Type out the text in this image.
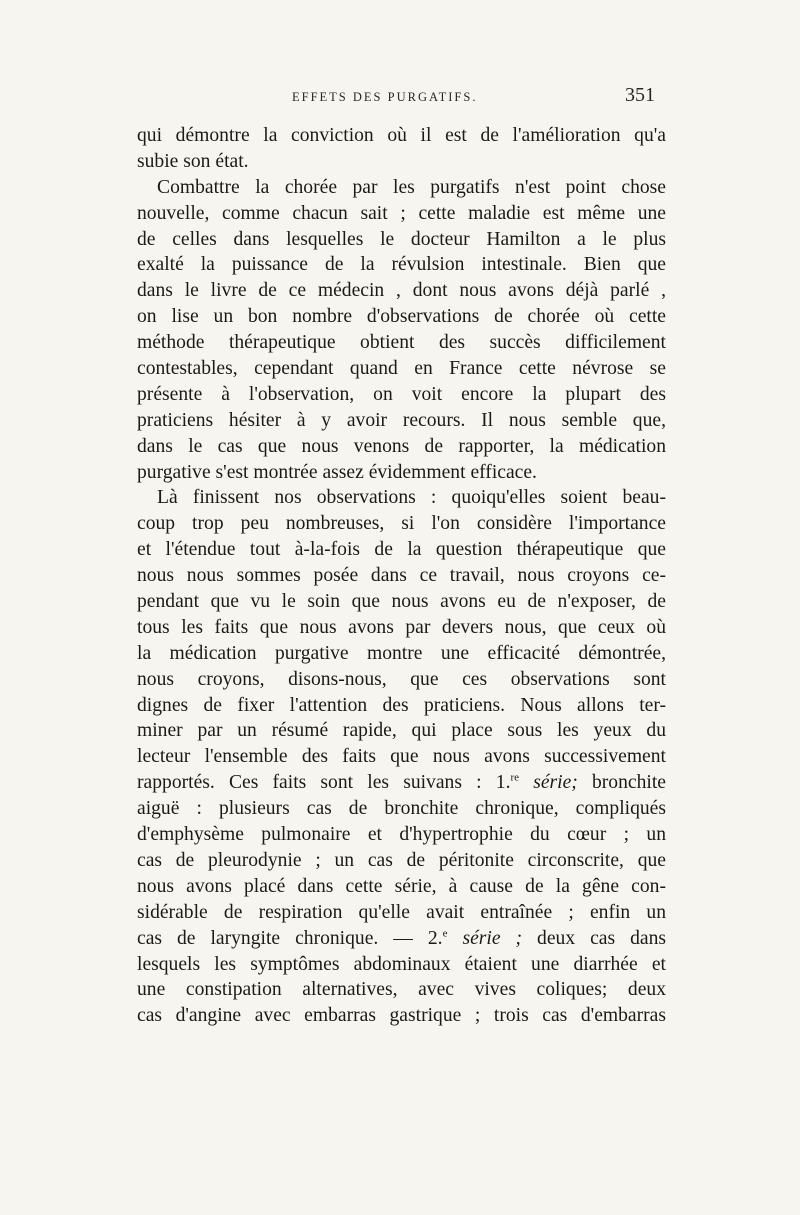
EFFETS DES PURGATIFS.	351
qui démontre la conviction où il est de l'amélioration qu'a
subie son état.
Combattre la chorée par les purgatifs n'est point chose
nouvelle, comme chacun sait ; cette maladie est même une
de celles dans lesquelles le docteur Hamilton a le plus
exalté la puissance de la révulsion intestinale. Bien que
dans le livre de ce médecin , dont nous avons déjà parlé ,
on lise un bon nombre d'observations de chorée où cette
méthode thérapeutique obtient des succès difficilement
contestables, cependant quand en France cette névrose se
présente à l'observation, on voit encore la plupart des
praticiens hésiter à y avoir recours. Il nous semble que,
dans le cas que nous venons de rapporter, la médication
purgative s'est montrée assez évidemment efficace.
Là finissent nos observations : quoiqu'elles soient beau-
coup trop peu nombreuses, si l'on considère l'importance
et l'étendue tout à-la-fois de la question thérapeutique que
nous nous sommes posée dans ce travail, nous croyons ce-
pendant que vu le soin que nous avons eu de n'exposer, de
tous les faits que nous avons par devers nous, que ceux où
la médication purgative montre une efficacité démontrée,
nous croyons, disons-nous, que ces observations sont
dignes de fixer l'attention des praticiens. Nous allons ter-
miner par un résumé rapide, qui place sous les yeux du
lecteur l'ensemble des faits que nous avons successivement
rapportés. Ces faits sont les suivans : 1.$^{re}$ série; bronchite
aiguë : plusieurs cas de bronchite chronique, compliqués
d'emphysème pulmonaire et d'hypertrophie du cœur ; un
cas de pleurodynie ; un cas de péritonite circonscrite, que
nous avons placé dans cette série, à cause de la gêne con-
sidérable de respiration qu'elle avait entraînée ; enfin un
cas de laryngite chronique. — 2.$^e$ série ; deux cas dans
lesquels les symptômes abdominaux étaient une diarrhée et
une constipation alternatives, avec vives coliques; deux
cas d'angine avec embarras gastrique ; trois cas d'embarras
